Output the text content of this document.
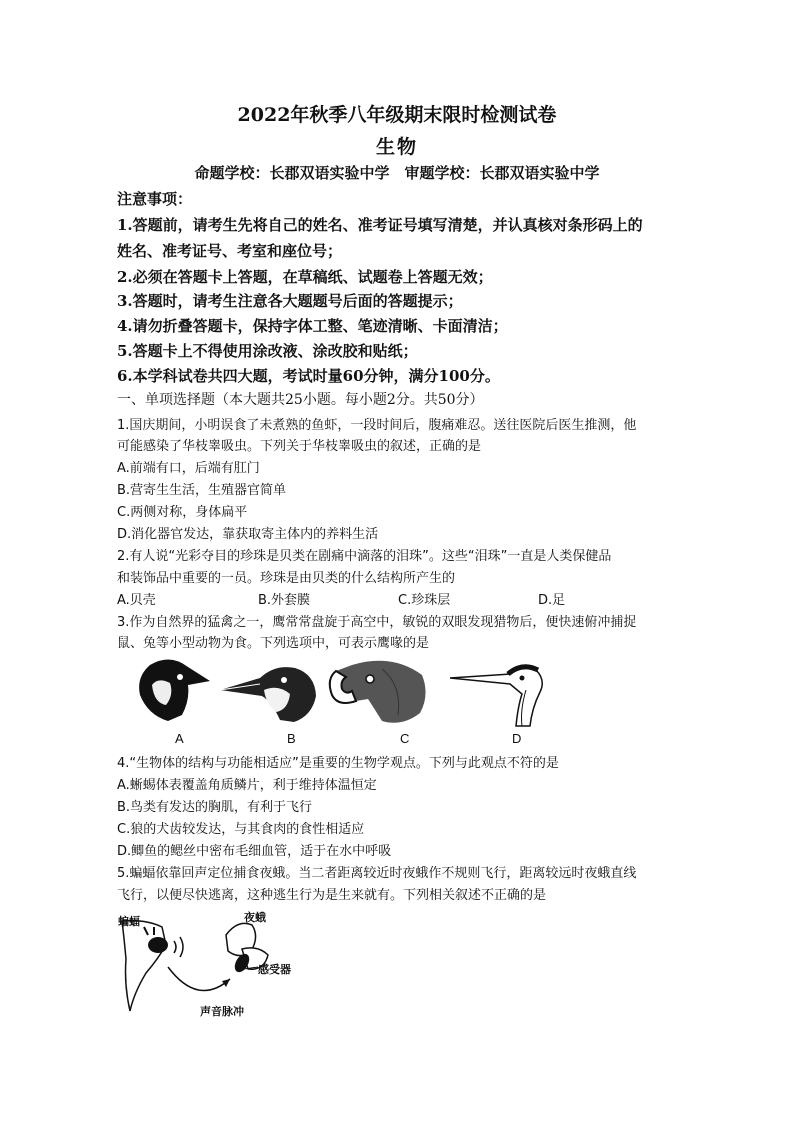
2022年秋季八年级期末限时检测试卷
生物
命题学校：长郡双语实验中学　审题学校：长郡双语实验中学
注意事项：
1.答题前，请考生先将自己的姓名、准考证号填写清楚，并认真核对条形码上的
姓名、准考证号、考室和座位号；
2.必须在答题卡上答题，在草稿纸、试题卷上答题无效；
3.答题时，请考生注意各大题题号后面的答题提示；
4.请勿折叠答题卡，保持字体工整、笔迹清晰、卡面清洁；
5.答题卡上不得使用涂改液、涂改胶和贴纸；
6.本学科试卷共四大题，考试时量60分钟，满分100分。
一、单项选择题（本大题共25小题。每小题2分。共50分）
1.国庆期间，小明误食了未煮熟的鱼虾，一段时间后，腹痛难忍。送往医院后医生推测，他
可能感染了华枝睾吸虫。下列关于华枝睾吸虫的叙述，正确的是
A.前端有口，后端有肛门
B.营寄生生活，生殖器官简单
C.两侧对称，身体扁平
D.消化器官发达，靠获取寄主体内的养料生活
2.有人说“光彩夺目的珍珠是贝类在剧痛中滴落的泪珠”。这些“泪珠”一直是人类保健品
和装饰品中重要的一员。珍珠是由贝类的什么结构所产生的
A.贝壳	B.外套膜	C.珍珠层	D.足
3.作为自然界的猛禽之一，鹰常常盘旋于高空中，敏锐的双眼发现猎物后，便快速俯冲捕捉
鼠、兔等小型动物为食。下列选项中，可表示鹰喙的是
A	B	C	D
4.“生物体的结构与功能相适应”是重要的生物学观点。下列与此观点不符的是
A.蜥蜴体表覆盖角质鳞片，利于维持体温恒定
B.鸟类有发达的胸肌，有利于飞行
C.狼的犬齿较发达，与其食肉的食性相适应
D.鲫鱼的鳃丝中密布毛细血管，适于在水中呼吸
5.蝙蝠依靠回声定位捕食夜蛾。当二者距离较近时夜蛾作不规则飞行，距离较远时夜蛾直线
飞行，以便尽快逃离，这种逃生行为是生来就有。下列相关叙述不正确的是
蝙蝠	夜蛾
感受器
声音脉冲
